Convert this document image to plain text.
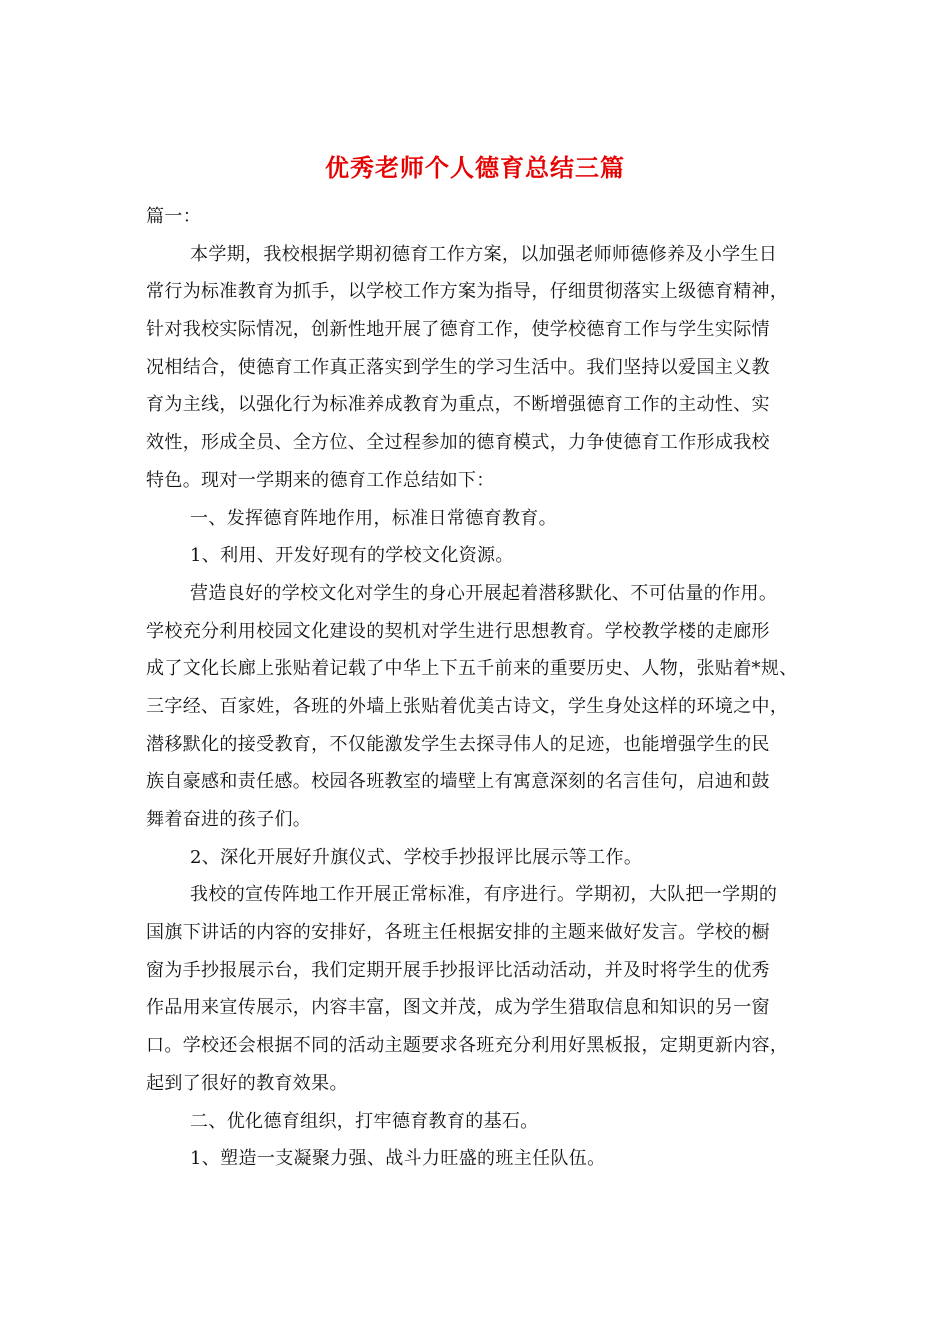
优秀老师个人德育总结三篇
篇一：
本学期，我校根据学期初德育工作方案，以加强老师师德修养及小学生日
常行为标准教育为抓手，以学校工作方案为指导，仔细贯彻落实上级德育精神，
针对我校实际情况，创新性地开展了德育工作，使学校德育工作与学生实际情
况相结合，使德育工作真正落实到学生的学习生活中。我们坚持以爱国主义教
育为主线，以强化行为标准养成教育为重点，不断增强德育工作的主动性、实
效性，形成全员、全方位、全过程参加的德育模式，力争使德育工作形成我校
特色。现对一学期来的德育工作总结如下：
一、发挥德育阵地作用，标准日常德育教育。
1、利用、开发好现有的学校文化资源。
营造良好的学校文化对学生的身心开展起着潜移默化、不可估量的作用。
学校充分利用校园文化建设的契机对学生进行思想教育。学校教学楼的走廊形
成了文化长廊上张贴着记载了中华上下五千前来的重要历史、人物，张贴着*规、
三字经、百家姓，各班的外墙上张贴着优美古诗文，学生身处这样的环境之中，
潜移默化的接受教育，不仅能激发学生去探寻伟人的足迹，也能增强学生的民
族自豪感和责任感。校园各班教室的墙壁上有寓意深刻的名言佳句，启迪和鼓
舞着奋进的孩子们。
2、深化开展好升旗仪式、学校手抄报评比展示等工作。
我校的宣传阵地工作开展正常标准，有序进行。学期初，大队把一学期的
国旗下讲话的内容的安排好，各班主任根据安排的主题来做好发言。学校的橱
窗为手抄报展示台，我们定期开展手抄报评比活动活动，并及时将学生的优秀
作品用来宣传展示，内容丰富，图文并茂，成为学生猎取信息和知识的另一窗
口。学校还会根据不同的活动主题要求各班充分利用好黑板报，定期更新内容，
起到了很好的教育效果。
二、优化德育组织，打牢德育教育的基石。
1、塑造一支凝聚力强、战斗力旺盛的班主任队伍。
